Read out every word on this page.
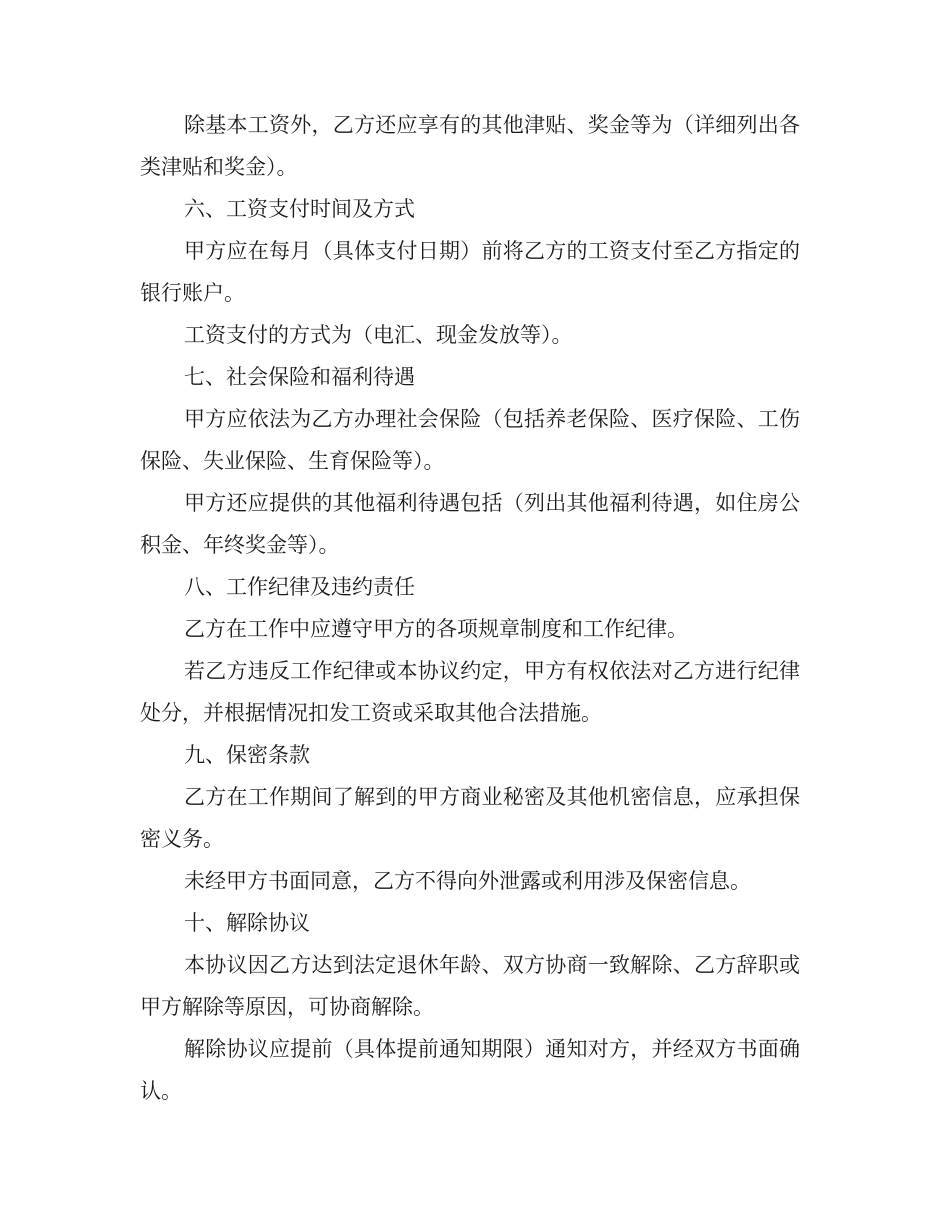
除基本工资外，乙方还应享有的其他津贴、奖金等为（详细列出各类津贴和奖金）。

六、工资支付时间及方式

甲方应在每月（具体支付日期）前将乙方的工资支付至乙方指定的银行账户。

工资支付的方式为（电汇、现金发放等）。

七、社会保险和福利待遇

甲方应依法为乙方办理社会保险（包括养老保险、医疗保险、工伤保险、失业保险、生育保险等）。

甲方还应提供的其他福利待遇包括（列出其他福利待遇，如住房公积金、年终奖金等）。

八、工作纪律及违约责任

乙方在工作中应遵守甲方的各项规章制度和工作纪律。

若乙方违反工作纪律或本协议约定，甲方有权依法对乙方进行纪律处分，并根据情况扣发工资或采取其他合法措施。

九、保密条款

乙方在工作期间了解到的甲方商业秘密及其他机密信息，应承担保密义务。

未经甲方书面同意，乙方不得向外泄露或利用涉及保密信息。

十、解除协议

本协议因乙方达到法定退休年龄、双方协商一致解除、乙方辞职或甲方解除等原因，可协商解除。

解除协议应提前（具体提前通知期限）通知对方，并经双方书面确认。
